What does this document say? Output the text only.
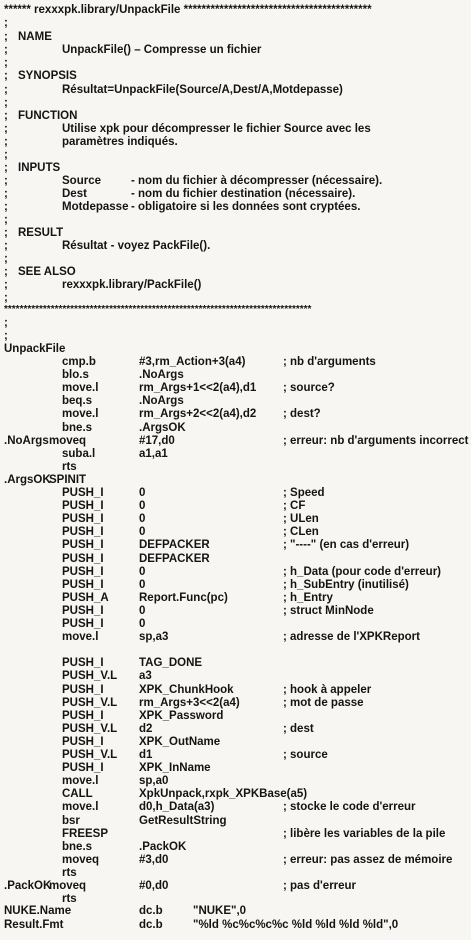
****** rexxxpk.library/UnpackFile ******************************************
;
; NAME
;	UnpackFile() – Compresse un fichier
;
; SYNOPSIS
;	Résultat=UnpackFile(Source/A,Dest/A,Motdepasse)
;
; FUNCTION
;	Utilise xpk pour décompresser le fichier Source avec les
;	paramètres indiqués.
;
; INPUTS
;	Source	- nom du fichier à décompresser (nécessaire).
;	Dest	- nom du fichier destination (nécessaire).
;	Motdepasse - obligatoire si les données sont cryptées.
;
; RESULT
;	Résultat - voyez PackFile().
;
; SEE ALSO
;	rexxxpk.library/PackFile()
;
*******************************************************************************
;
;
UnpackFile
cmp.b	#3,rm_Action+3(a4)	; nb d'arguments
blo.s	.NoArgs
move.l	rm_Args+1<<2(a4),d1 ; source?
beq.s	.NoArgs
move.l	rm_Args+2<<2(a4),d2 ; dest?
bne.s	.ArgsOK
.NoArgs moveq	#17,d0	; erreur: nb d'arguments incorrect
suba.l	a1,a1
rts
.ArgsOK
SPINIT
PUSH_I	0	; Speed
PUSH_I	0	; CF
PUSH_I	0	; ULen
PUSH_I	0	; CLen
PUSH_I	DEFPACKER	; "----" (en cas d'erreur)
PUSH_I	DEFPACKER
PUSH_I	0	; h_Data (pour code d'erreur)
PUSH_I	0	; h_SubEntry (inutilisé)
PUSH_A	Report.Func(pc)	; h_Entry
PUSH_I	0	; struct MinNode
PUSH_I	0
move.l	sp,a3	; adresse de l'XPKReport
PUSH_I	TAG_DONE
PUSH_V.L a3
PUSH_I	XPK_ChunkHook	; hook à appeler
PUSH_V.L rm_Args+3<<2(a4)	; mot de passe
PUSH_I	XPK_Password
PUSH_V.L d2	; dest
PUSH_I	XPK_OutName
PUSH_V.L d1	; source
PUSH_I	XPK_InName
move.l	sp,a0
CALL	XpkUnpack,rxpk_XPKBase(a5)
move.l	d0,h_Data(a3)	; stocke le code d'erreur
bsr	GetResultString
FREESP	; libère les variables de la pile
bne.s	.PackOK
moveq	#3,d0	; erreur: pas assez de mémoire
rts
.PackOK
moveq	#0,d0	; pas d'erreur
rts
NUKE.Name	dc.b	"NUKE",0
Result.Fmt	dc.b	"%ld %c%c%c%c %ld %ld %ld %ld",0
